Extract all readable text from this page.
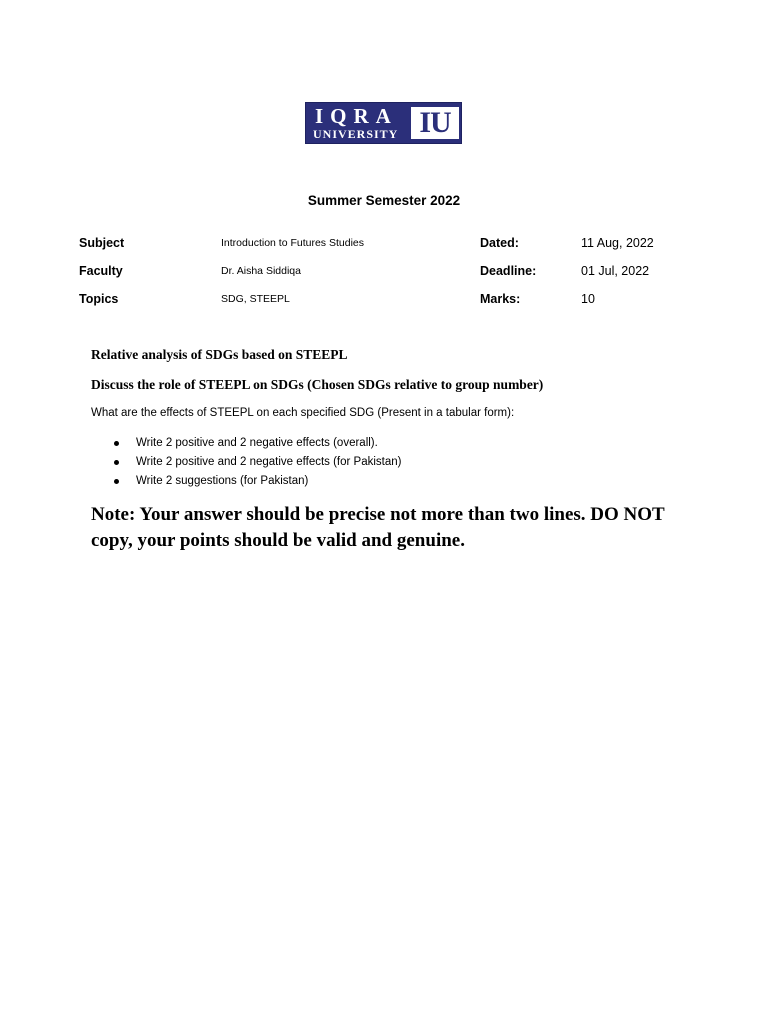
IQRA
UNIVERSITY IU
Summer Semester 2022
Subject	Introduction to Futures Studies	Dated:	11 Aug, 2022
Faculty	Dr. Aisha Siddiqa	Deadline:	01 Jul, 2022
Topics	SDG, STEEPL	Marks:	10
Relative analysis of SDGs based on STEEPL
Discuss the role of STEEPL on SDGs (Chosen SDGs relative to group number)
What are the effects of STEEPL on each specified SDG (Present in a tabular form):
Write 2 positive and 2 negative effects (overall).
Write 2 positive and 2 negative effects (for Pakistan)
Write 2 suggestions (for Pakistan)
Note: Your answer should be precise not more than two lines. DO NOT copy, your points should be valid and genuine.
